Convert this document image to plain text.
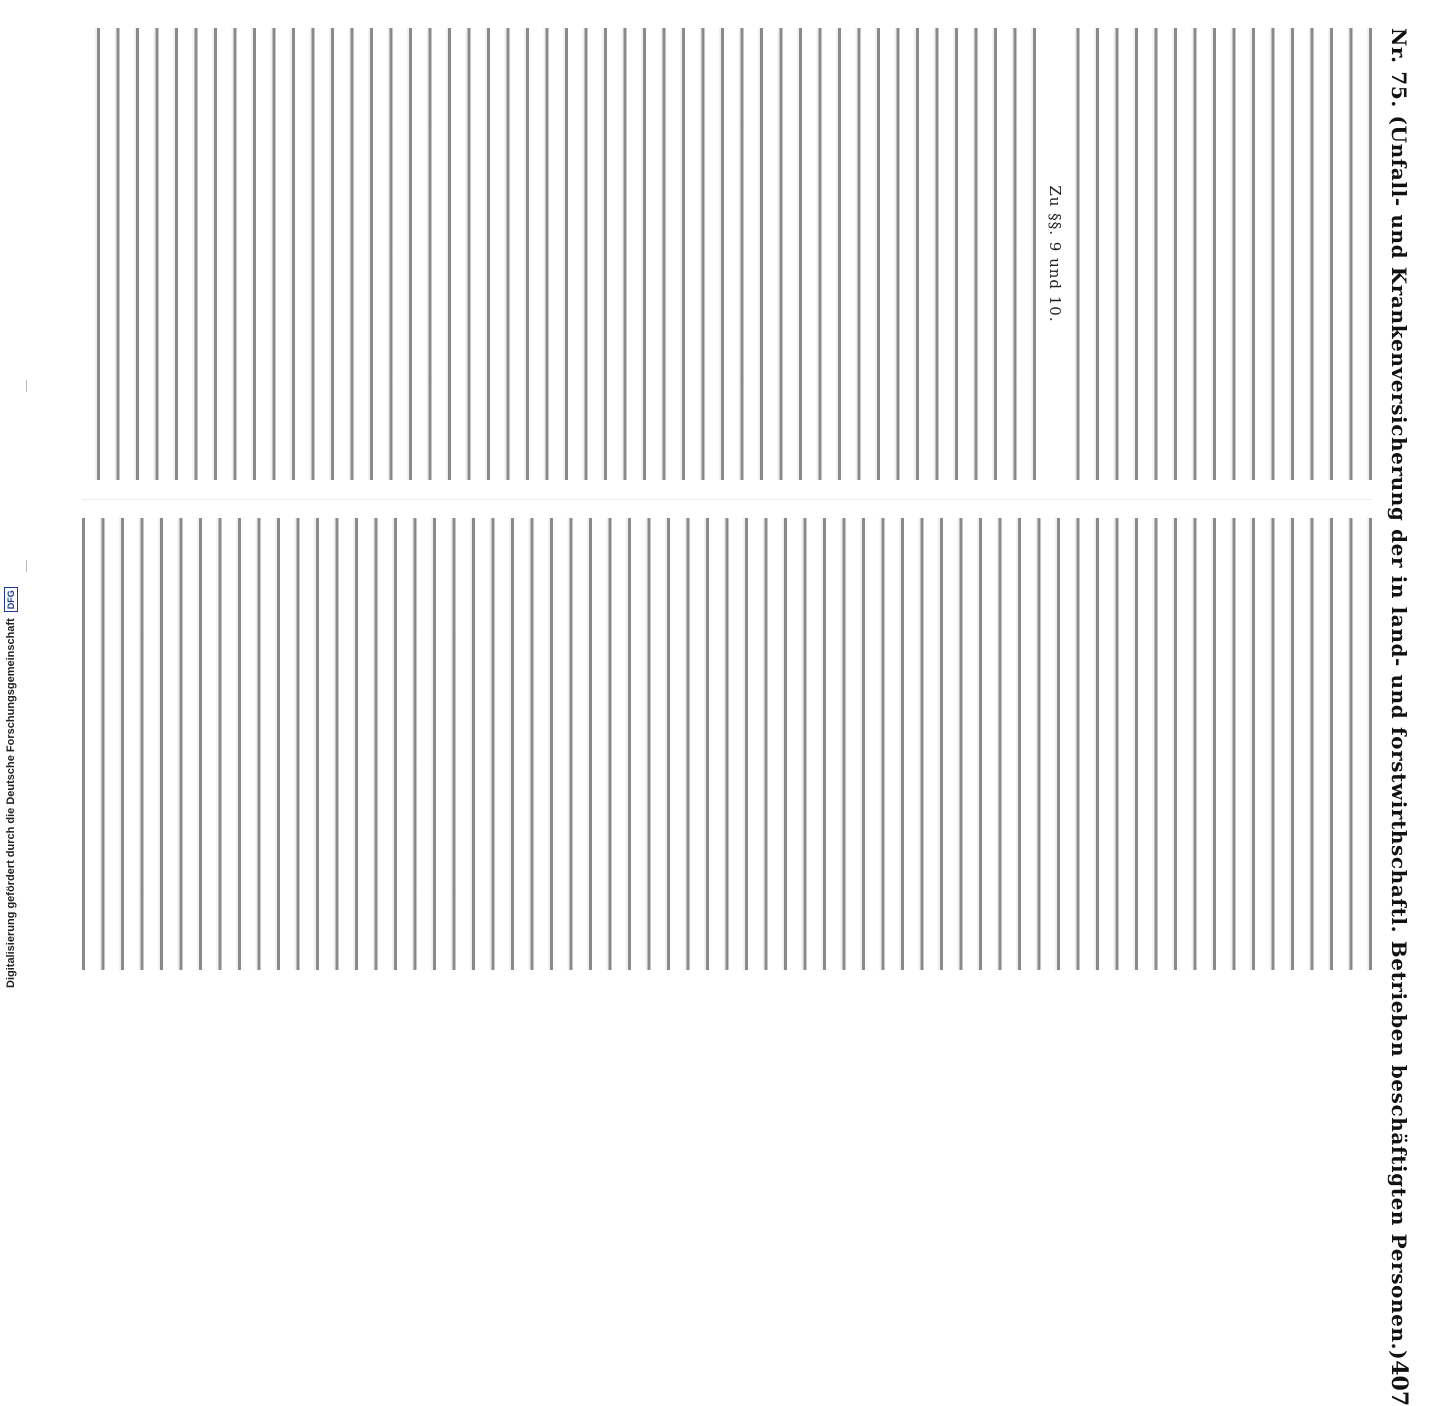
Nr. 75. (Unfall- und Krankenversicherung der in land- und forstwirthschaftl. Betrieben beschäftigten Personen.)
407
Zu §§. 9 und 10.
Digitalisierung gefördert durch die Deutsche Forschungsgemeinschaft
DFG
